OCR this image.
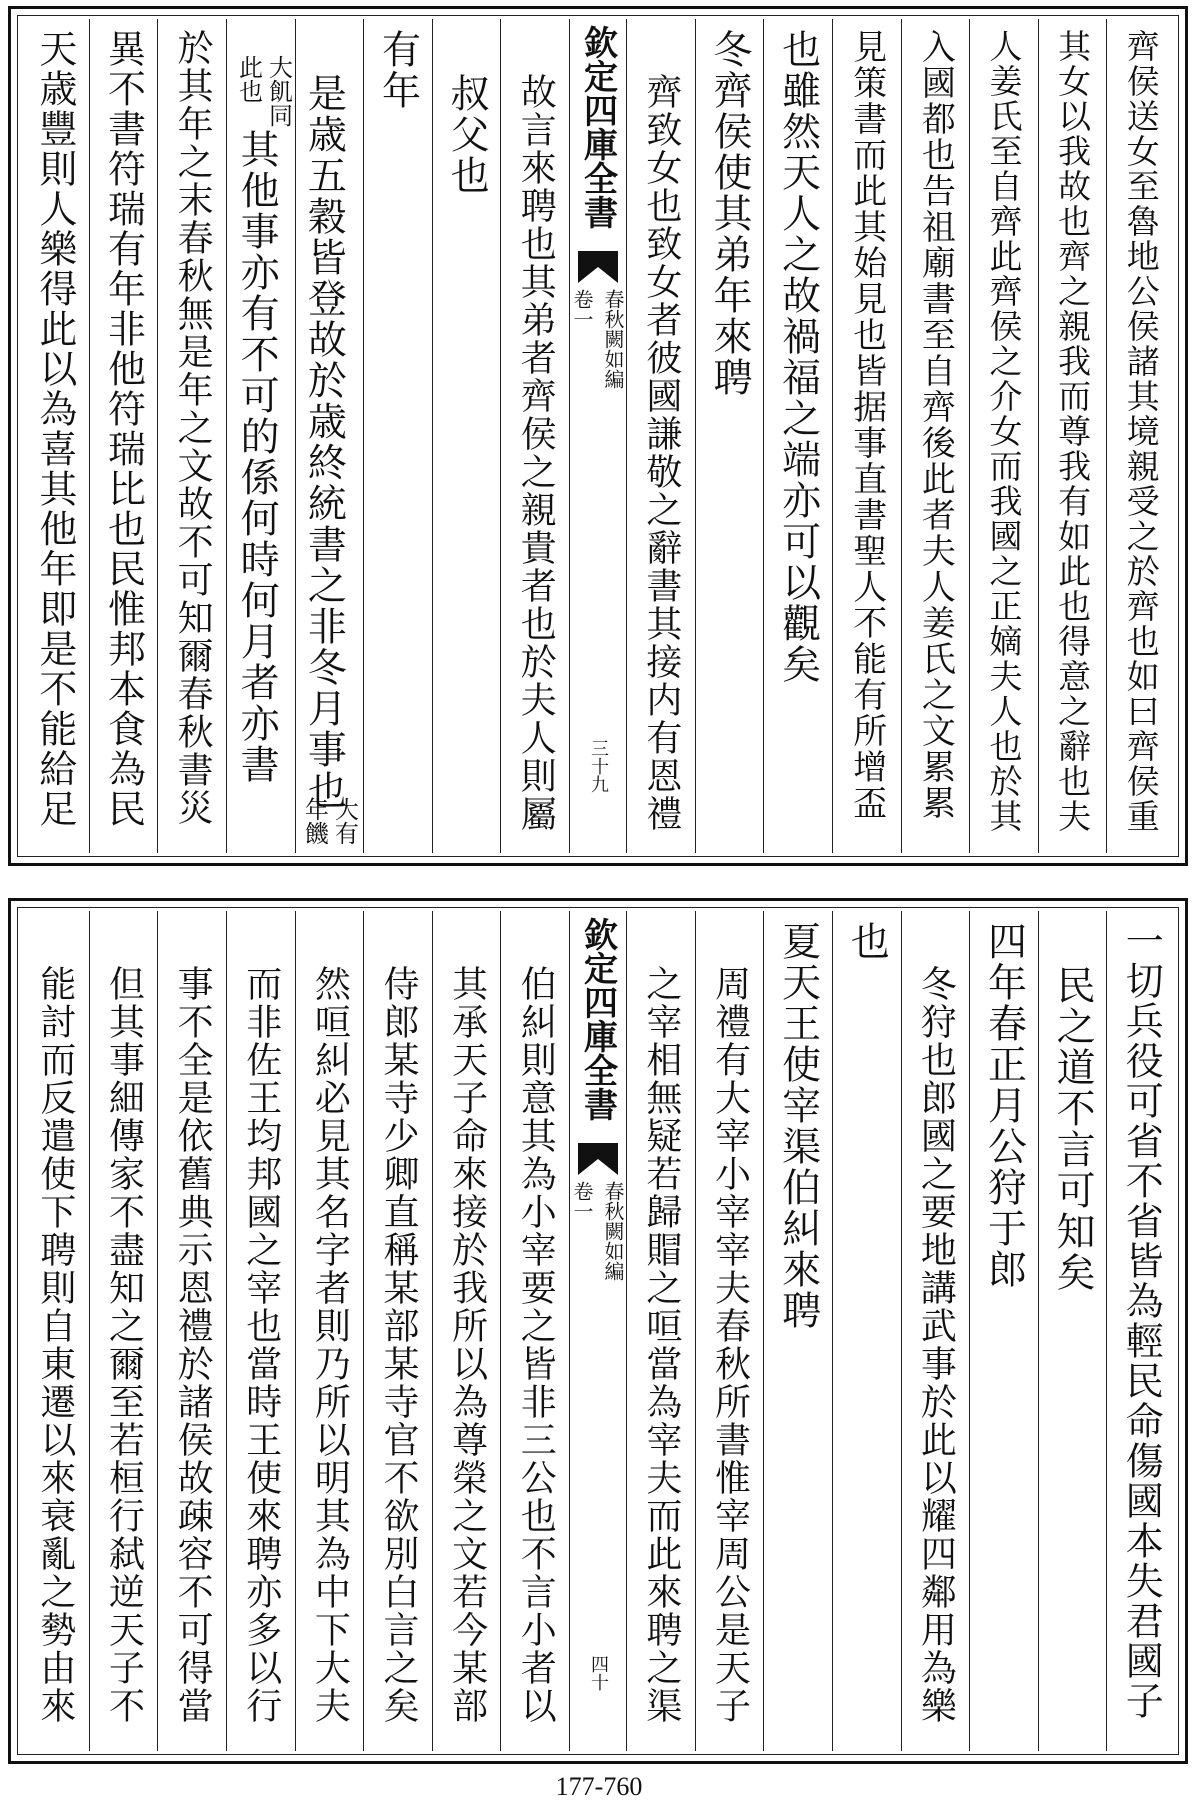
齊侯送女至魯地公侯諸其境親受之於齊也如曰齊侯重
其女以我故也齊之親我而尊我有如此也得意之辭也夫
人姜氏至自齊此齊侯之介女而我國之正嫡夫人也於其
入國都也告祖廟書至自齊後此者夫人姜氏之文累累
見策書而此其始見也皆据事直書聖人不能有所增盃
也雖然天人之故禍福之端亦可以觀矣
冬齊侯使其弟年來聘
齊致女也致女者彼國謙敬之辭書其接内有恩禮
欽定四庫全書
春秋闕如編
卷一
三十九
故言來聘也其弟者齊侯之親貴者也於夫人則屬
叔父也
有年
是歳五穀皆登故於歳終統書之非冬月事也
大有
年饑
大飢同
此也
其他事亦有不可的係何時何月者亦書
於其年之末春秋無是年之文故不可知爾春秋書災
異不書符瑞有年非他符瑞比也民惟邦本食為民
天歳豐則人樂得此以為喜其他年即是不能給足
一切兵役可省不省皆為輕民命傷國本失君國子
民之道不言可知矣
四年春正月公狩于郎
冬狩也郎國之要地講武事於此以耀四鄰用為樂
也
夏天王使宰渠伯糾來聘
周禮有大宰小宰宰夫春秋所書惟宰周公是天子
之宰相無疑若歸賵之咺當為宰夫而此來聘之渠
欽定四庫全書
春秋闕如編
卷一
四十
伯糾則意其為小宰要之皆非三公也不言小者以
其承天子命來接於我所以為尊榮之文若今某部
侍郎某寺少卿直稱某部某寺官不欲別白言之矣
然咺糾必見其名字者則乃所以明其為中下大夫
而非佐王均邦國之宰也當時王使來聘亦多以行
事不全是依舊典示恩禮於諸侯故疎容不可得當
但其事細傳家不盡知之爾至若桓行弑逆天子不
能討而反遣使下聘則自東遷以來衰亂之勢由來
177-760
